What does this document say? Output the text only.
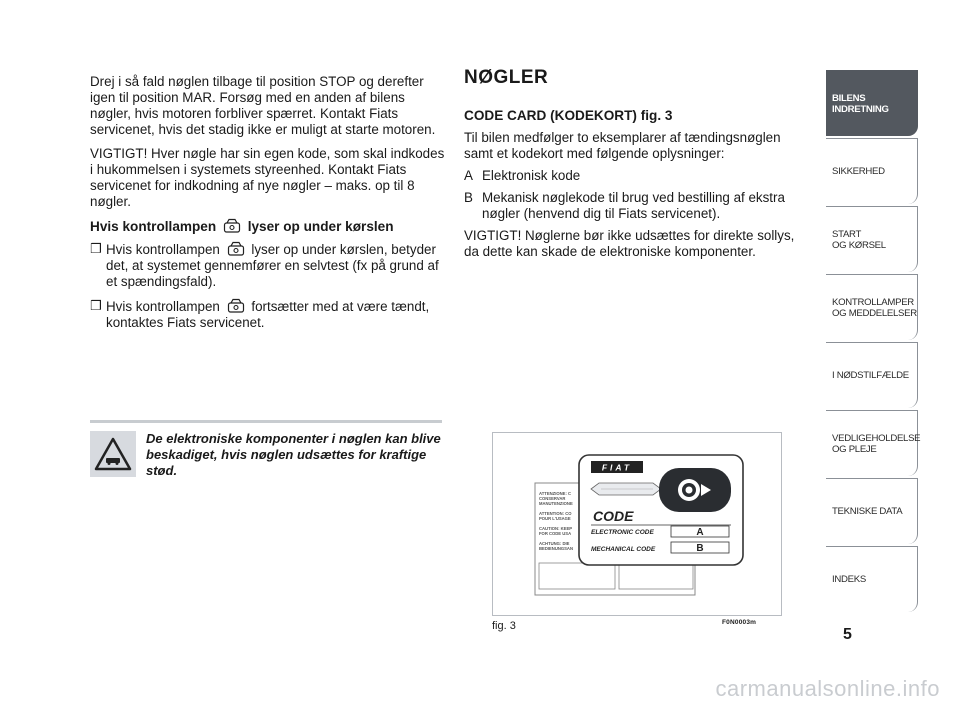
Drej i så fald nøglen tilbage til position STOP og derefter igen til position MAR. Forsøg med en anden af bilens nøgler, hvis motoren forbliver spærret. Kontakt Fiats servicenet, hvis det stadig ikke er muligt at starte motoren.

VIGTIGT! Hver nøgle har sin egen kode, som skal indkodes i hukommelsen i systemets styreenhed. Kontakt Fiats servicenet for indkodning af nye nøgler – maks. op til 8 nøgler.

Hvis kontrollampen lyser op under kørslen
❒ Hvis kontrollampen lyser op under kørslen, betyder det, at systemet gennemfører en selvtest (fx på grund af et spændingsfald).
❒ Hvis kontrollampen fortsætter med at være tændt, kontaktes Fiats servicenet.
De elektroniske komponenter i nøglen kan blive beskadiget, hvis nøglen udsættes for kraftige stød.
NØGLER
CODE CARD (KODEKORT) fig. 3

Til bilen medfølger to eksemplarer af tændingsnøglen samt et kodekort med følgende oplysninger:

A Elektronisk kode
B Mekanisk nøglekode til brug ved bestilling af ekstra nøgler (henvend dig til Fiats servicenet).

VIGTIGT! Nøglerne bør ikke udsættes for direkte sollys, da dette kan skade de elektroniske komponenter.

ATTENZIONE: C
CONSERVAR
MANUTENZIONE
ATTENTION: CO
POUR L'USAGE
CAUTION: KEEP
FOR CODE USA
ACHTUNG: DIE
BEDIENUNGSAN
FIAT
CODE
ELECTRONIC CODE	A
MECHANICAL CODE	B
fig. 3	F0N0003m
BILENS
INDRETNING
SIKKERHED
START
OG KØRSEL
KONTROLLAMPER
OG MEDDELELSER
I NØDSTILFÆLDE
VEDLIGEHOLDELSE
OG PLEJE
TEKNISKE DATA
INDEKS
5
carmanualsonline.info
